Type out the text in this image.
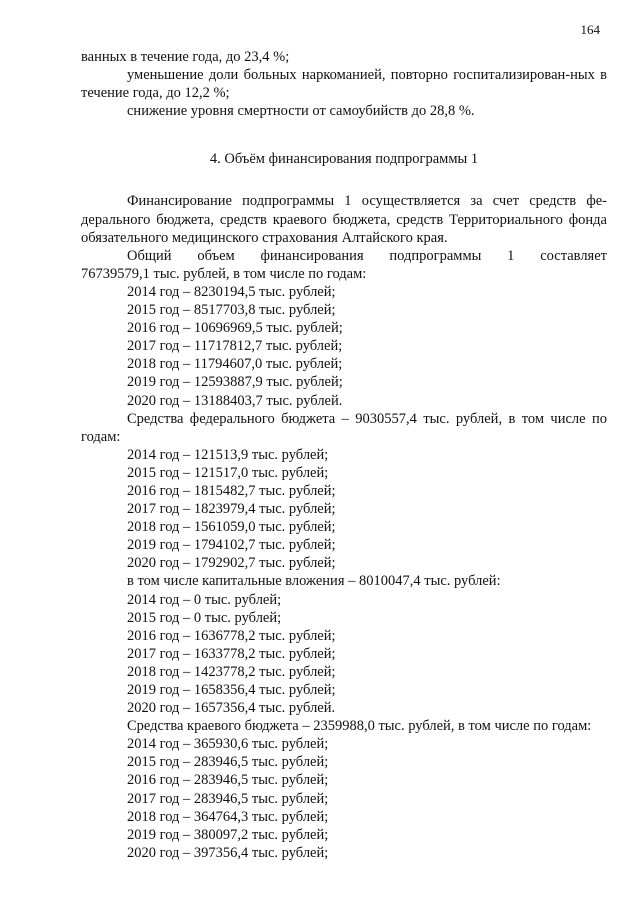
164

ванных в течение года, до 23,4 %;

уменьшение доли больных наркоманией, повторно госпитализирован-ных в течение года, до 12,2 %;

снижение уровня смертности от самоубийств до 28,8 %.

4. Объём финансирования подпрограммы 1

Финансирование подпрограммы 1 осуществляется за счет средств фе-дерального бюджета, средств краевого бюджета, средств Территориального фонда обязательного медицинского страхования Алтайского края.

Общий объем финансирования подпрограммы 1 составляет

76739579,1 тыс. рублей, в том числе по годам:

2014 год – 8230194,5 тыс. рублей;
2015 год – 8517703,8 тыс. рублей;
2016 год – 10696969,5 тыс. рублей;
2017 год – 11717812,7 тыс. рублей;
2018 год – 11794607,0 тыс. рублей;
2019 год – 12593887,9 тыс. рублей;
2020 год – 13188403,7 тыс. рублей.

Средства федерального бюджета – 9030557,4 тыс. рублей, в том числе по годам:

2014 год – 121513,9 тыс. рублей;
2015 год – 121517,0 тыс. рублей;
2016 год – 1815482,7 тыс. рублей;
2017 год – 1823979,4 тыс. рублей;
2018 год – 1561059,0 тыс. рублей;
2019 год – 1794102,7 тыс. рублей;
2020 год – 1792902,7 тыс. рублей;
в том числе капитальные вложения – 8010047,4 тыс. рублей:
2014 год – 0 тыс. рублей;
2015 год – 0 тыс. рублей;
2016 год – 1636778,2 тыс. рублей;
2017 год – 1633778,2 тыс. рублей;
2018 год – 1423778,2 тыс. рублей;
2019 год – 1658356,4 тыс. рублей;
2020 год – 1657356,4 тыс. рублей.

Средства краевого бюджета – 2359988,0 тыс. рублей, в том числе по годам:

2014 год – 365930,6 тыс. рублей;
2015 год – 283946,5 тыс. рублей;
2016 год – 283946,5 тыс. рублей;
2017 год – 283946,5 тыс. рублей;
2018 год – 364764,3 тыс. рублей;
2019 год – 380097,2 тыс. рублей;
2020 год – 397356,4 тыс. рублей;
